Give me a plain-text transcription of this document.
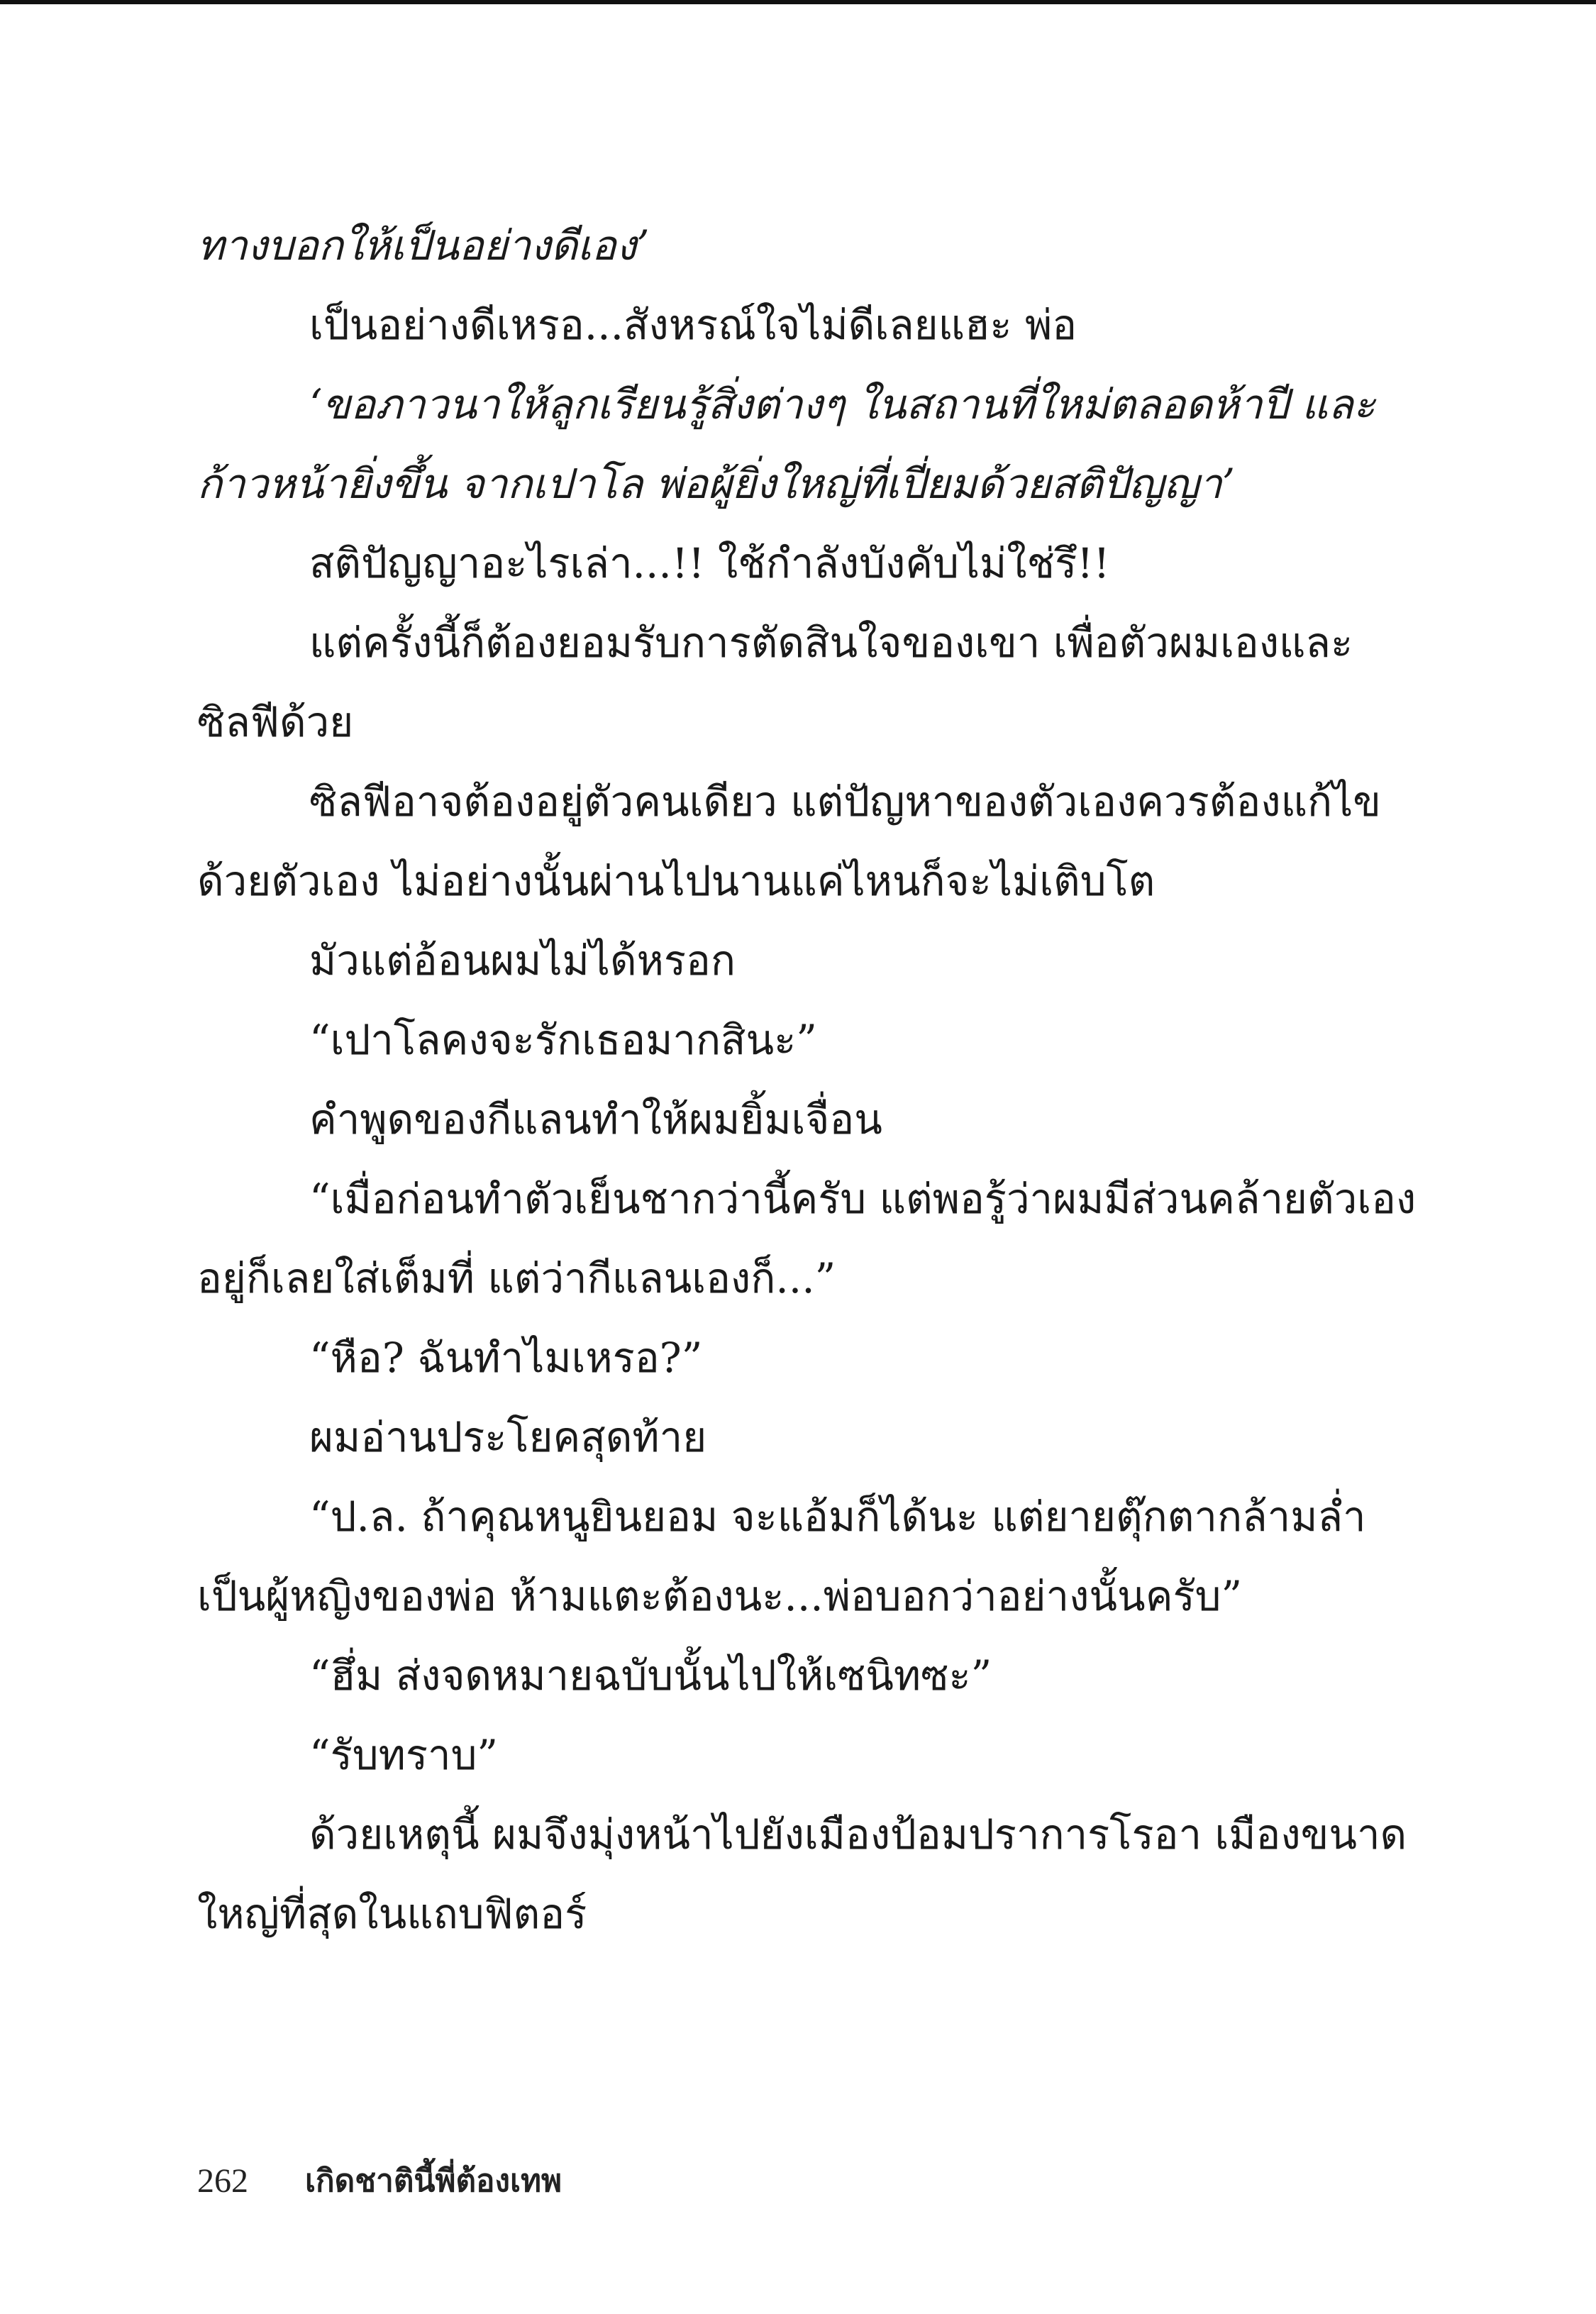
ทางบอกให้เป็นอย่างดีเอง’
เป็นอย่างดีเหรอ...สังหรณ์ใจไม่ดีเลยแฮะ พ่อ
‘ขอภาวนาให้ลูกเรียนรู้สิ่งต่างๆ ในสถานที่ใหม่ตลอดห้าปี และ
ก้าวหน้ายิ่งขึ้น จากเปาโล พ่อผู้ยิ่งใหญ่ที่เปี่ยมด้วยสติปัญญา’
สติปัญญาอะไรเล่า...!! ใช้กำลังบังคับไม่ใช่รึ!!
แต่ครั้งนี้ก็ต้องยอมรับการตัดสินใจของเขา เพื่อตัวผมเองและ
ซิลฟีด้วย
ซิลฟีอาจต้องอยู่ตัวคนเดียว แต่ปัญหาของตัวเองควรต้องแก้ไข
ด้วยตัวเอง ไม่อย่างนั้นผ่านไปนานแค่ไหนก็จะไม่เติบโต
มัวแต่อ้อนผมไม่ได้หรอก
“เปาโลคงจะรักเธอมากสินะ”
คำพูดของกีแลนทำให้ผมยิ้มเจื่อน
“เมื่อก่อนทำตัวเย็นชากว่านี้ครับ แต่พอรู้ว่าผมมีส่วนคล้ายตัวเอง
อยู่ก็เลยใส่เต็มที่ แต่ว่ากีแลนเองก็...”
“หือ? ฉันทำไมเหรอ?”
ผมอ่านประโยคสุดท้าย
“ป.ล. ถ้าคุณหนูยินยอม จะแอ้มก็ได้นะ แต่ยายตุ๊กตากล้ามล่ำ
เป็นผู้หญิงของพ่อ ห้ามแตะต้องนะ...พ่อบอกว่าอย่างนั้นครับ”
“ฮึ่ม ส่งจดหมายฉบับนั้นไปให้เซนิทซะ”
“รับทราบ”
ด้วยเหตุนี้ ผมจึงมุ่งหน้าไปยังเมืองป้อมปราการโรอา เมืองขนาด
ใหญ่ที่สุดในแถบฟิตอร์
262 เกิดชาตินี้พี่ต้องเทพ
